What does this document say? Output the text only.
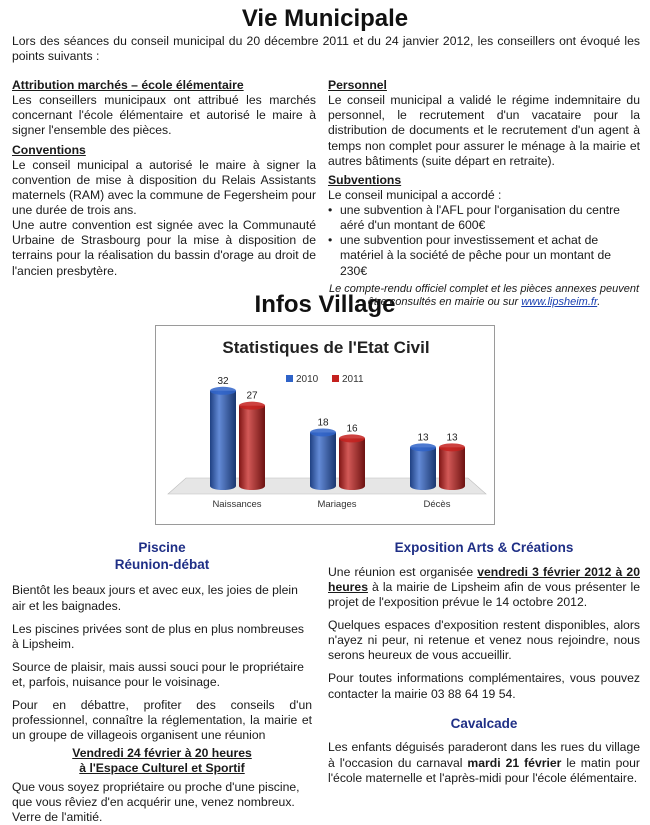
Vie Municipale
Lors des séances du conseil municipal du 20 décembre 2011 et du 24 janvier 2012, les conseillers ont évoqué les points suivants :
Attribution marchés – école élémentaire
Les conseillers municipaux ont attribué les marchés concernant l'école élémentaire et autorisé le maire à signer l'ensemble des pièces.
Conventions
Le conseil municipal a autorisé le maire à signer la convention de mise à disposition du Relais Assistants maternels (RAM) avec la commune de Fegersheim pour une durée de trois ans.
Une autre convention est signée avec la Communauté Urbaine de Strasbourg pour la mise à disposition de terrains pour la réalisation du bassin d'orage au droit de l'ancien presbytère.
Personnel
Le conseil municipal a validé le régime indemnitaire du personnel, le recrutement d'un vacataire pour la distribution de documents et le recrutement d'un agent à temps non complet pour assurer le ménage à la mairie et autres bâtiments (suite départ en retraite).
Subventions
Le conseil municipal a accordé :
• une subvention à l'AFL pour l'organisation du centre aéré d'un montant de 600€
• une subvention pour investissement et achat de matériel à la société de pêche pour un montant de 230€
Le compte-rendu officiel complet et les pièces annexes peuvent être consultés en mairie ou sur www.lipsheim.fr.
Infos Village
Statistiques de l'Etat Civil
2010 2011
32
27
Naissances
18
16
Mariages
13 13
Décès
Piscine
Réunion-débat
Bientôt les beaux jours et avec eux, les joies de plein air et les baignades.
Les piscines privées sont de plus en plus nombreuses à Lipsheim.
Source de plaisir, mais aussi souci pour le propriétaire et, parfois, nuisance pour le voisinage.
Pour en débattre, profiter des conseils d'un professionnel, connaître la réglementation, la mairie et un groupe de villageois organisent une réunion
Vendredi 24 février à 20 heures
à l'Espace Culturel et Sportif
Que vous soyez propriétaire ou proche d'une piscine, que vous rêviez d'en acquérir une, venez nombreux.
Verre de l'amitié.
Exposition Arts & Créations
Une réunion est organisée vendredi 3 février 2012 à 20 heures à la mairie de Lipsheim afin de vous présenter le projet de l'exposition prévue le 14 octobre 2012.
Quelques espaces d'exposition restent disponibles, alors n'ayez ni peur, ni retenue et venez nous rejoindre, nous serons heureux de vous accueillir.
Pour toutes informations complémentaires, vous pouvez contacter la mairie 03 88 64 19 54.
Cavalcade
Les enfants déguisés paraderont dans les rues du village à l'occasion du carnaval mardi 21 février le matin pour l'école maternelle et l'après-midi pour l'école élémentaire.
